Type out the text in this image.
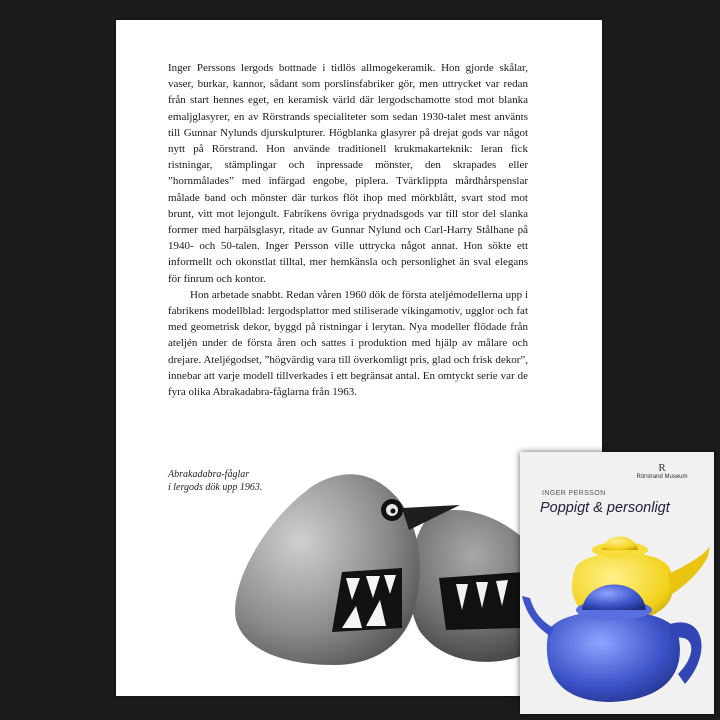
Inger Perssons lergods bottnade i tidlös allmogekeramik. Hon gjorde skålar, vaser, burkar, kannor, sådant som porslinsfabriker gör, men uttrycket var redan från start hennes eget, en keramisk värld där lergodschamotte stod mot blanka emaljglasyrer, en av Rörstrands specialiteter som sedan 1930-talet mest använts till Gunnar Nylunds djurskulpturer. Högblanka glasyrer på drejat gods var något nytt på Rörstrand. Hon använde traditionell krukmakarteknik: leran fick ristningar, stämplingar och inpressade mönster, den skrapades eller ”hornmålades” med infärgad engobe, piplera. Tvärklippta mårdhårspenslar målade band och mönster där turkos flöt ihop med mörkblått, svart stod mot brunt, vitt mot lejongult. Fabrikens övriga prydnadsgods var till stor del slanka former med harpälsglasyr, ritade av Gunnar Nylund och Carl-Harry Stålhane på 1940- och 50-talen. Inger Persson ville uttrycka något annat. Hon sökte ett informellt och okonstlat tilltal, mer hemkänsla och personlighet än sval elegans för finrum och kontor.

Hon arbetade snabbt. Redan våren 1960 dök de första ateljémodellerna upp i fabrikens modellblad: lergodsplattor med stiliserade vikingamotiv, ugglor och fat med geometrisk dekor, byggd på ristningar i lerytan. Nya modeller flödade från ateljén under de första åren och sattes i produktion med hjälp av målare och drejare. Ateljégodset, ”högvärdig vara till överkomligt pris, glad och frisk dekor”, innebar att varje modell tillverkades i ett begränsat antal. En omtyckt serie var de fyra olika Abrakadabra-fåglarna från 1963.

Abrakadabra-fåglar
i lergods dök upp 1963.
R
Rörstrand Museum
INGER PERSSON
Poppigt & personligt
